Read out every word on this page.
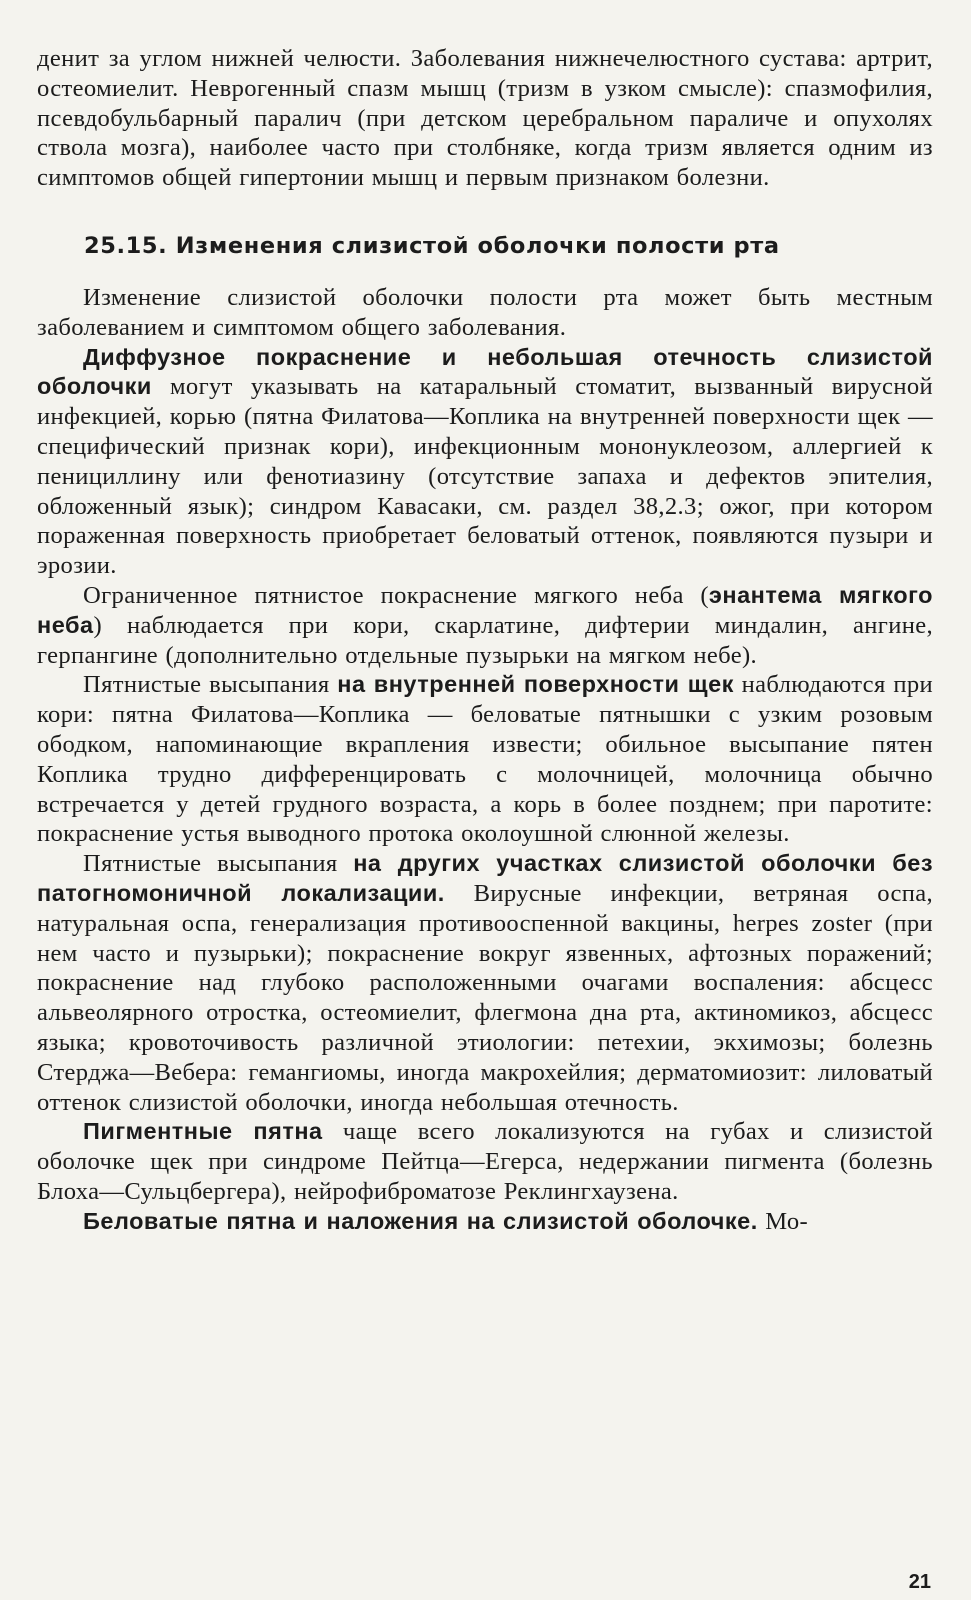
денит за углом нижней челюсти. Заболевания нижнечелюстного сустава: артрит, остеомиелит. Неврогенный спазм мышц (тризм в узком смысле): спазмофилия, псевдобульбарный паралич (при детском церебральном параличе и опухолях ствола мозга), наиболее часто при столбняке, когда тризм является одним из симптомов общей гипертонии мышц и первым признаком болезни.

25.15. Изменения слизистой оболочки полости рта

Изменение слизистой оболочки полости рта может быть местным заболеванием и симптомом общего заболевания.

Диффузное покраснение и небольшая отечность слизистой оболочки могут указывать на катаральный стоматит, вызванный вирусной инфекцией, корью (пятна Филатова—Коплика на внутренней поверхности щек — специфический признак кори), инфекционным мононуклеозом, аллергией к пенициллину или фенотиазину (отсутствие запаха и дефектов эпителия, обложенный язык); синдром Кавасаки, см. раздел 38,2.3; ожог, при котором пораженная поверхность приобретает беловатый оттенок, появляются пузыри и эрозии.

Ограниченное пятнистое покраснение мягкого неба (энантема мягкого неба) наблюдается при кори, скарлатине, дифтерии миндалин, ангине, герпангине (дополнительно отдельные пузырьки на мягком небе).

Пятнистые высыпания на внутренней поверхности щек наблюдаются при кори: пятна Филатова—Коплика — беловатые пятнышки с узким розовым ободком, напоминающие вкрапления извести; обильное высыпание пятен Коплика трудно дифференцировать с молочницей, молочница обычно встречается у детей грудного возраста, а корь в более позднем; при паротите: покраснение устья выводного протока околоушной слюнной железы.

Пятнистые высыпания на других участках слизистой оболочки без патогномоничной локализации. Вирусные инфекции, ветряная оспа, натуральная оспа, генерализация противооспенной вакцины, herpes zoster (при нем часто и пузырьки); покраснение вокруг язвенных, афтозных поражений; покраснение над глубоко расположенными очагами воспаления: абсцесс альвеолярного отростка, остеомиелит, флегмона дна рта, актиномикоз, абсцесс языка; кровоточивость различной этиологии: петехии, экхимозы; болезнь Стерджа—Вебера: гемангиомы, иногда макрохейлия; дерматомиозит: лиловатый оттенок слизистой оболочки, иногда небольшая отечность.

Пигментные пятна чаще всего локализуются на губах и слизистой оболочке щек при синдроме Пейтца—Егерса, недержании пигмента (болезнь Блоха—Сульцбергера), нейрофиброматозе Реклингхаузена.

Беловатые пятна и наложения на слизистой оболочке. Мо-

21
